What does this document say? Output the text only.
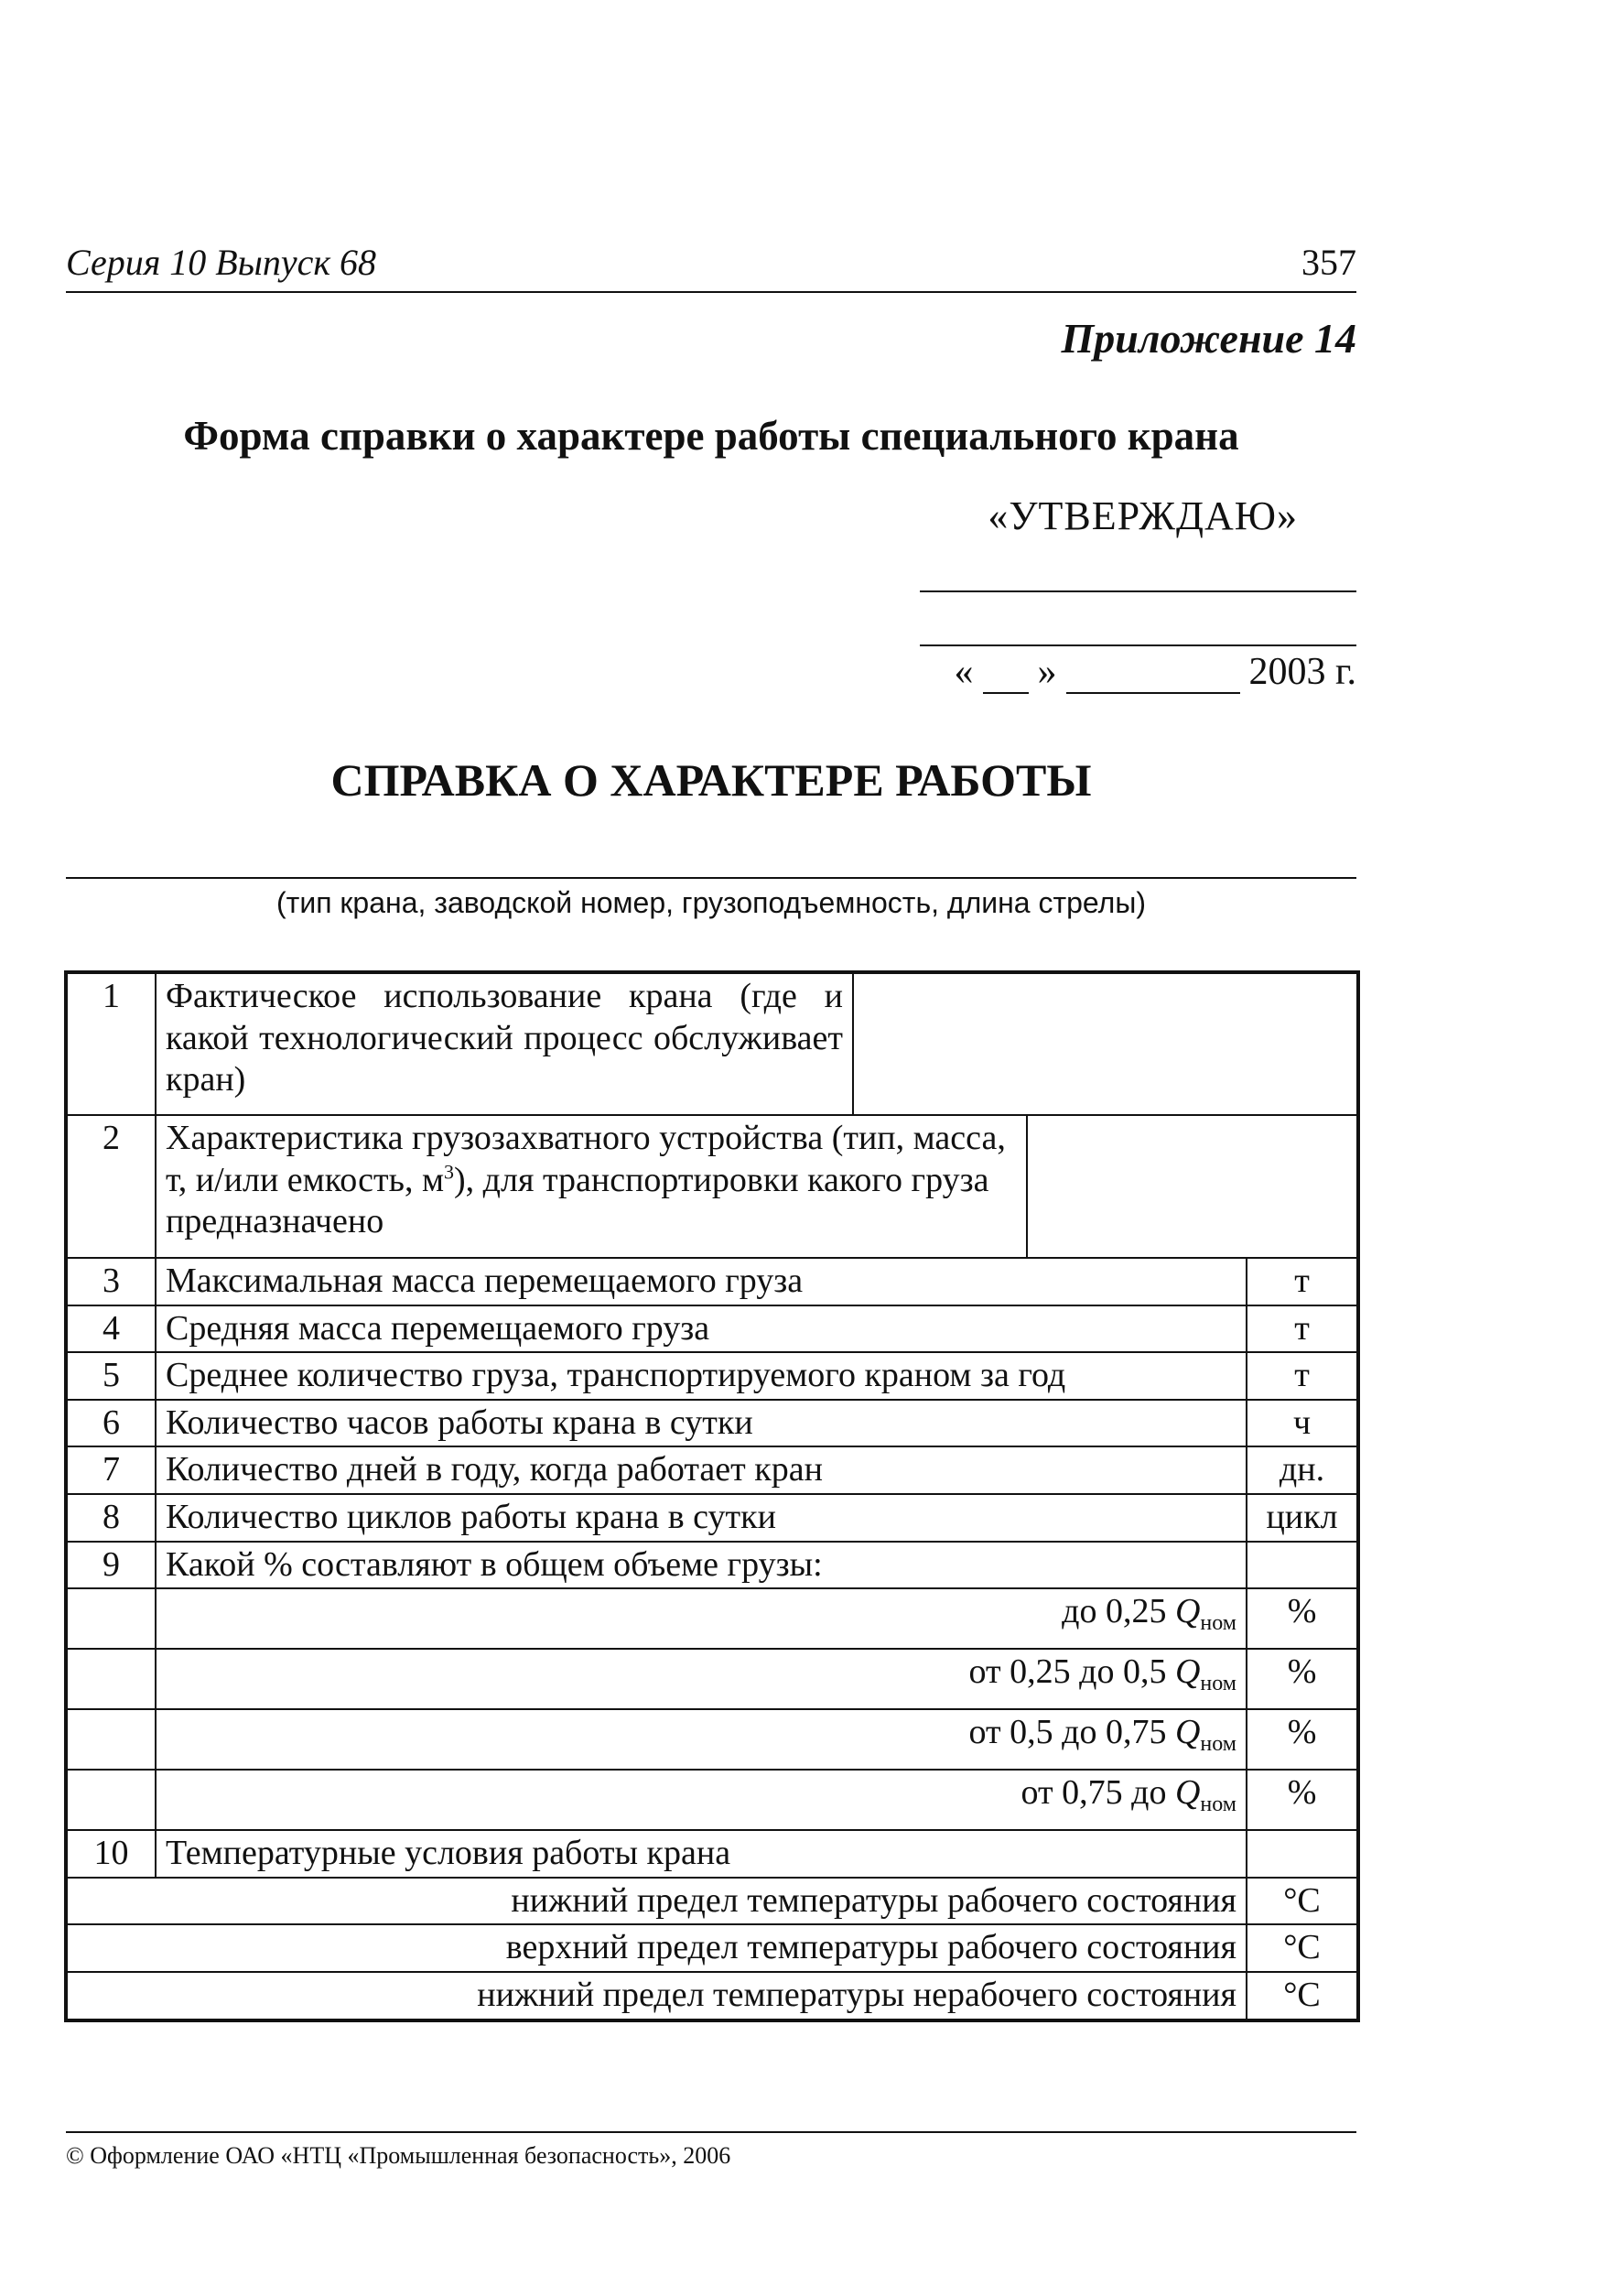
Серия 10 Выпуск 68	357
Приложение 14
Форма справки о характере работы специального крана
«УТВЕРЖДАЮ»
« »	2003 г.
СПРАВКА О ХАРАКТЕРЕ РАБОТЫ
(тип крана, заводской номер, грузоподъемность, длина стрелы)
1	Фактическое использование крана (где и какой технологический процесс обслуживает кран)			
2	Характеристика грузозахватного устройства (тип, масса, т, и/или емкость, $м^3$), для транспортировки какого груза предназначено			
3	Максимальная масса перемещаемого груза			т
4	Средняя масса перемещаемого груза			т
5	Среднее количество груза, транспортируемого краном за год			т
6	Количество часов работы крана в сутки			ч
7	Количество дней в году, когда работает кран			дн.
8	Количество циклов работы крана в сутки			цикл
9	Какой % составляют в общем объеме грузы:			
	до 0,25 $Q_{ном}$			%
	от 0,25 до 0,5 $Q_{ном}$			%
	от 0,5 до 0,75 $Q_{ном}$			%
	от 0,75 до $Q_{ном}$			%
10	Температурные условия работы крана			
нижний предел температуры рабочего состояния				°C
верхний предел температуры рабочего состояния				°C
нижний предел температуры нерабочего состояния				°C
© Оформление ОАО «НТЦ «Промышленная безопасность», 2006
